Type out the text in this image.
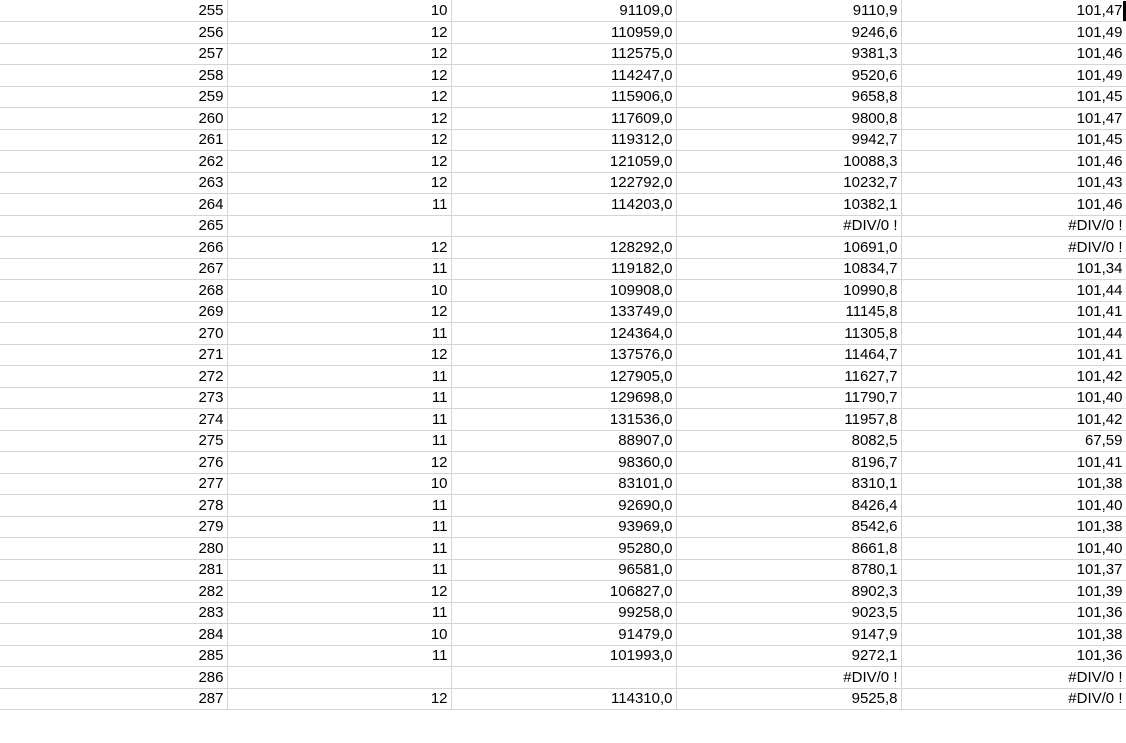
255	10	91109,0	9110,9	101,47
256	12	110959,0	9246,6	101,49
257	12	112575,0	9381,3	101,46
258	12	114247,0	9520,6	101,49
259	12	115906,0	9658,8	101,45
260	12	117609,0	9800,8	101,47
261	12	119312,0	9942,7	101,45
262	12	121059,0	10088,3	101,46
263	12	122792,0	10232,7	101,43
264	11	114203,0	10382,1	101,46
265			#DIV/0 !	#DIV/0 !
266	12	128292,0	10691,0	#DIV/0 !
267	11	119182,0	10834,7	101,34
268	10	109908,0	10990,8	101,44
269	12	133749,0	11145,8	101,41
270	11	124364,0	11305,8	101,44
271	12	137576,0	11464,7	101,41
272	11	127905,0	11627,7	101,42
273	11	129698,0	11790,7	101,40
274	11	131536,0	11957,8	101,42
275	11	88907,0	8082,5	67,59
276	12	98360,0	8196,7	101,41
277	10	83101,0	8310,1	101,38
278	11	92690,0	8426,4	101,40
279	11	93969,0	8542,6	101,38
280	11	95280,0	8661,8	101,40
281	11	96581,0	8780,1	101,37
282	12	106827,0	8902,3	101,39
283	11	99258,0	9023,5	101,36
284	10	91479,0	9147,9	101,38
285	11	101993,0	9272,1	101,36
286			#DIV/0 !	#DIV/0 !
287	12	114310,0	9525,8	#DIV/0 !
